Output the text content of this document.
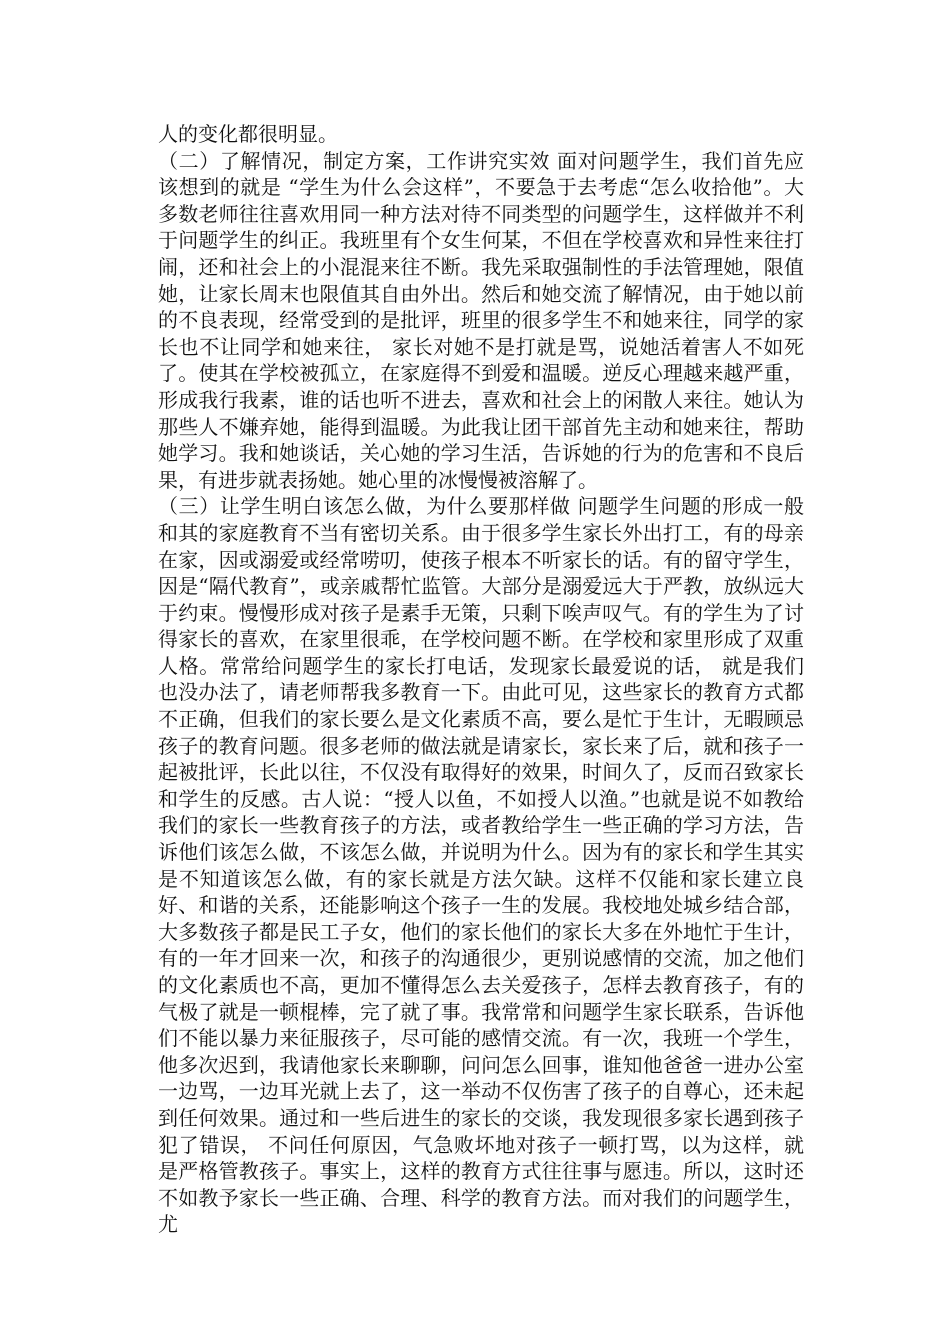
人的变化都很明显。

（二）了解情况，制定方案，工作讲究实效 面对问题学生，我们首先应该想到的就是 “学生为什么会这样”，不要急于去考虑“怎么收拾他”。大多数老师往往喜欢用同一种方法对待不同类型的问题学生，这样做并不利于问题学生的纠正。我班里有个女生何某，不但在学校喜欢和异性来往打闹，还和社会上的小混混来往不断。我先采取强制性的手法管理她，限值她，让家长周末也限值其自由外出。然后和她交流了解情况，由于她以前的不良表现，经常受到的是批评，班里的很多学生不和她来往，同学的家长也不让同学和她来往， 家长对她不是打就是骂，说她活着害人不如死了。使其在学校被孤立，在家庭得不到爱和温暖。逆反心理越来越严重，形成我行我素，谁的话也听不进去，喜欢和社会上的闲散人来往。她认为那些人不嫌弃她，能得到温暖。为此我让团干部首先主动和她来往，帮助她学习。我和她谈话，关心她的学习生活，告诉她的行为的危害和不良后果，有进步就表扬她。她心里的冰慢慢被溶解了。

（三）让学生明白该怎么做，为什么要那样做 问题学生问题的形成一般和其的家庭教育不当有密切关系。由于很多学生家长外出打工，有的母亲在家，因或溺爱或经常唠叨，使孩子根本不听家长的话。有的留守学生，因是“隔代教育”，或亲戚帮忙监管。大部分是溺爱远大于严教，放纵远大于约束。慢慢形成对孩子是素手无策，只剩下唉声叹气。有的学生为了讨得家长的喜欢，在家里很乖，在学校问题不断。在学校和家里形成了双重人格。常常给问题学生的家长打电话，发现家长最爱说的话， 就是我们也没办法了，请老师帮我多教育一下。由此可见，这些家长的教育方式都不正确，但我们的家长要么是文化素质不高，要么是忙于生计，无暇顾忌孩子的教育问题。很多老师的做法就是请家长，家长来了后，就和孩子一起被批评，长此以往，不仅没有取得好的效果，时间久了，反而召致家长和学生的反感。古人说：“授人以鱼，不如授人以渔。”也就是说不如教给我们的家长一些教育孩子的方法，或者教给学生一些正确的学习方法，告诉他们该怎么做，不该怎么做，并说明为什么。因为有的家长和学生其实是不知道该怎么做，有的家长就是方法欠缺。这样不仅能和家长建立良好、和谐的关系，还能影响这个孩子一生的发展。我校地处城乡结合部，大多数孩子都是民工子女，他们的家长他们的家长大多在外地忙于生计，有的一年才回来一次，和孩子的沟通很少，更别说感情的交流，加之他们的文化素质也不高，更加不懂得怎么去关爱孩子，怎样去教育孩子，有的气极了就是一顿棍棒，完了就了事。我常常和问题学生家长联系，告诉他们不能以暴力来征服孩子，尽可能的感情交流。有一次，我班一个学生，他多次迟到，我请他家长来聊聊，问问怎么回事，谁知他爸爸一进办公室一边骂，一边耳光就上去了，这一举动不仅伤害了孩子的自尊心，还未起到任何效果。通过和一些后进生的家长的交谈，我发现很多家长遇到孩子犯了错误， 不问任何原因，气急败坏地对孩子一顿打骂，以为这样，就是严格管教孩子。事实上，这样的教育方式往往事与愿违。所以，这时还不如教予家长一些正确、合理、科学的教育方法。而对我们的问题学生，尤
